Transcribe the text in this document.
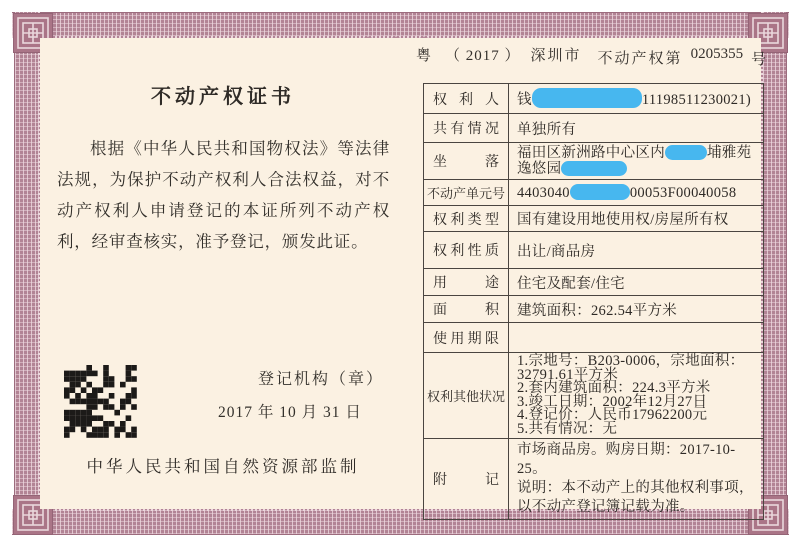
粤 （ 2017 ） 深圳市 不动产权第 0205355 号
不动产权证书
根据《中华人民共和国物权法》等法律法规，为保护不动产权利人合法权益，对不动产权利人申请登记的本证所列不动产权利，经审查核实，准予登记，颁发此证。
登记机构（章）
2017 年 10 月 31 日
中华人民共和国自然资源部监制
权利人	钱 11198511230021)
共有情况	单独所有
坐落	福田区新洲路中心区内 埔雅苑逸悠园
不动产单元号	4403040 00053F00040058
权利类型	国有建设用地使用权/房屋所有权
权利性质	出让/商品房
用途	住宅及配套/住宅
面积	建筑面积：262.54平方米
使用期限	
权利其他状况	1.宗地号：B203-0006，宗地面积：32791.61平方米
2.套内建筑面积：224.3平方米
3.竣工日期：2002年12月27日
4.登记价：人民币17962200元
5.共有情况：无

附记	市场商品房。购房日期：2017-10-25。
说明：本不动产上的其他权利事项，以不动产登记簿记载为准。
